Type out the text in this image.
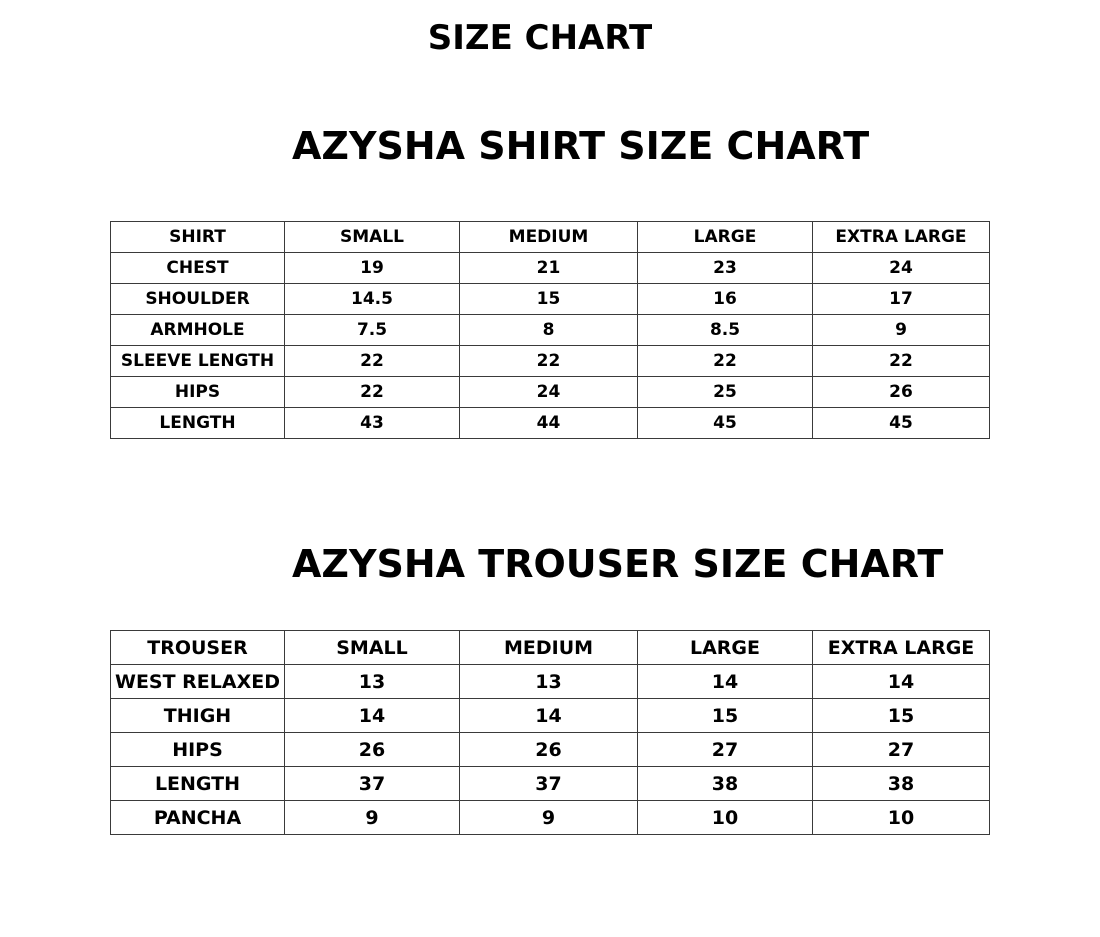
SIZE CHART
AZYSHA SHIRT SIZE CHART
SHIRT	SMALL	MEDIUM	LARGE	EXTRA LARGE
CHEST	19	21	23	24
SHOULDER	14.5	15	16	17
ARMHOLE	7.5	8	8.5	9
SLEEVE LENGTH	22	22	22	22
HIPS	22	24	25	26
LENGTH	43	44	45	45
AZYSHA TROUSER SIZE CHART
TROUSER	SMALL	MEDIUM	LARGE	EXTRA LARGE
WEST RELAXED	13	13	14	14
THIGH	14	14	15	15
HIPS	26	26	27	27
LENGTH	37	37	38	38
PANCHA	9	9	10	10
